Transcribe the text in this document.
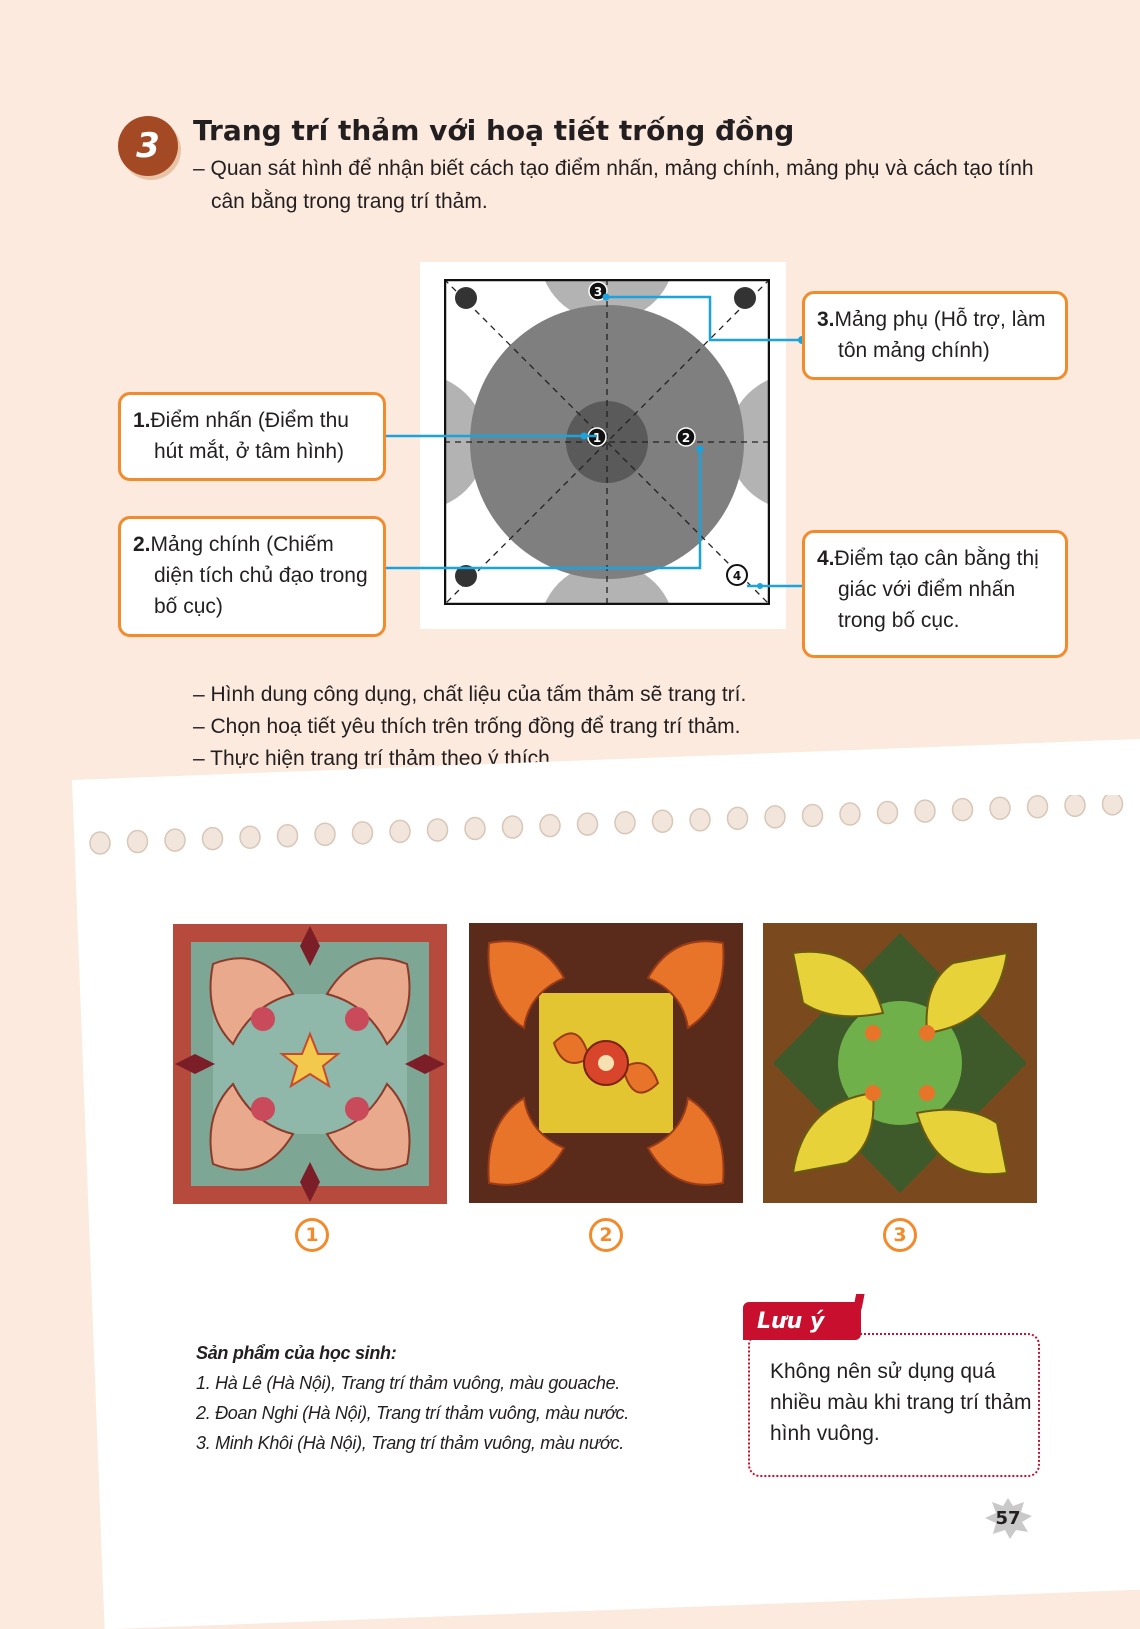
3	Trang trí thảm với hoạ tiết trống đồng
– Quan sát hình để nhận biết cách tạo điểm nhấn, mảng chính, mảng phụ và cách tạo tính cân bằng trong trang trí thảm.
1	2
3
4
1.Điểm nhấn (Điểm thu hút mắt, ở tâm hình)
2.Mảng chính (Chiếm diện tích chủ đạo trong bố cục)
3.Mảng phụ (Hỗ trợ, làm tôn mảng chính)
4.Điểm tạo cân bằng thị giác với điểm nhấn trong bố cục.
– Hình dung công dụng, chất liệu của tấm thảm sẽ trang trí.
– Chọn hoạ tiết yêu thích trên trống đồng để trang trí thảm.
– Thực hiện trang trí thảm theo ý thích.
1	2	3
Sản phẩm của học sinh:
1. Hà Lê (Hà Nội), Trang trí thảm vuông, màu gouache.
2. Đoan Nghi (Hà Nội), Trang trí thảm vuông, màu nước.
3. Minh Khôi (Hà Nội), Trang trí thảm vuông, màu nước.
Lưu ý !
Không nên sử dụng quá nhiều màu khi trang trí thảm hình vuông.
57
